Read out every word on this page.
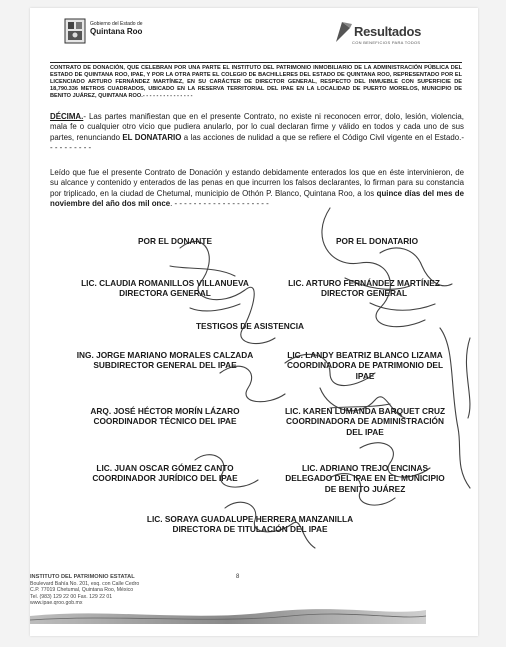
Gobierno del Estado de
Quintana Roo	Resultados
CON BENEFICIOS PARA TODOS
CONTRATO DE DONACIÓN, QUE CELEBRAN POR UNA PARTE EL INSTITUTO DEL PATRIMONIO INMOBILIARIO DE LA ADMINISTRACIÓN PÚBLICA DEL ESTADO DE QUINTANA ROO, IPAE, Y POR LA OTRA PARTE EL COLEGIO DE BACHILLERES DEL ESTADO DE QUINTANA ROO, REPRESENTADO POR EL LICENCIADO ARTURO FERNÁNDEZ MARTÍNEZ, EN SU CARÁCTER DE DIRECTOR GENERAL, RESPECTO DEL INMUEBLE CON SUPERFICIE DE 18,790.336 METROS CUADRADOS, UBICADO EN LA RESERVA TERRITORIAL DEL IPAE EN LA LOCALIDAD DE PUERTO MORELOS, MUNICIPIO DE BENITO JUÁREZ, QUINTANA ROO.- - - - - - - - - - - - - - -
DÉCIMA.- Las partes manifiestan que en el presente Contrato, no existe ni reconocen error, dolo, lesión, violencia, mala fe o cualquier otro vicio que pudiera anularlo, por lo cual declaran firme y válido en todos y cada uno de sus partes, renunciando EL DONATARIO a las acciones de nulidad a que se refiere el Código Civil vigente en el Estado.- - - - - - - - - -
Leído que fue el presente Contrato de Donación y estando debidamente enterados los que en éste intervinieron, de su alcance y contenido y enterados de las penas en que incurren los falsos declarantes, lo firman para su constancia por triplicado, en la ciudad de Chetumal, municipio de Othón P. Blanco, Quintana Roo, a los quince días del mes de noviembre del año dos mil once. - - - - - - - - - - - - - - - - - - - -
POR EL DONANTE	POR EL DONATARIO
LIC. CLAUDIA ROMANILLOS VILLANUEVA
DIRECTORA GENERAL
LIC. ARTURO FERNÁNDEZ MARTÍNEZ
DIRECTOR GENERAL
TESTIGOS DE ASISTENCIA
ING. JORGE MARIANO MORALES CALZADA
SUBDIRECTOR GENERAL DEL IPAE
LIC. LANDY BEATRIZ BLANCO LIZAMA
COORDINADORA DE PATRIMONIO DEL IPAE
ARQ. JOSÉ HÉCTOR MORÍN LÁZARO
COORDINADOR TÉCNICO DEL IPAE
LIC. KAREN LUMANDA BARQUET CRUZ
COORDINADORA DE ADMINISTRACIÓN DEL IPAE
LIC. JUAN OSCAR GÓMEZ CANTO
COORDINADOR JURÍDICO DEL IPAE
LIC. ADRIANO TREJO ENCINAS
DELEGADO DEL IPAE EN EL MUNICIPIO DE BENITO JUÁREZ
LIC. SORAYA GUADALUPE HERRERA MANZANILLA
DIRECTORA DE TITULACIÓN DEL IPAE
INSTITUTO DEL PATRIMONIO ESTATAL
Boulevard Bahía No. 201, esq. con Calle Cedro
C.P. 77019 Chetumal, Quintana Roo, México
Tel. (983) 129 22 00 Fax. 129 22 01
www.ipae.qroo.gob.mx
8
